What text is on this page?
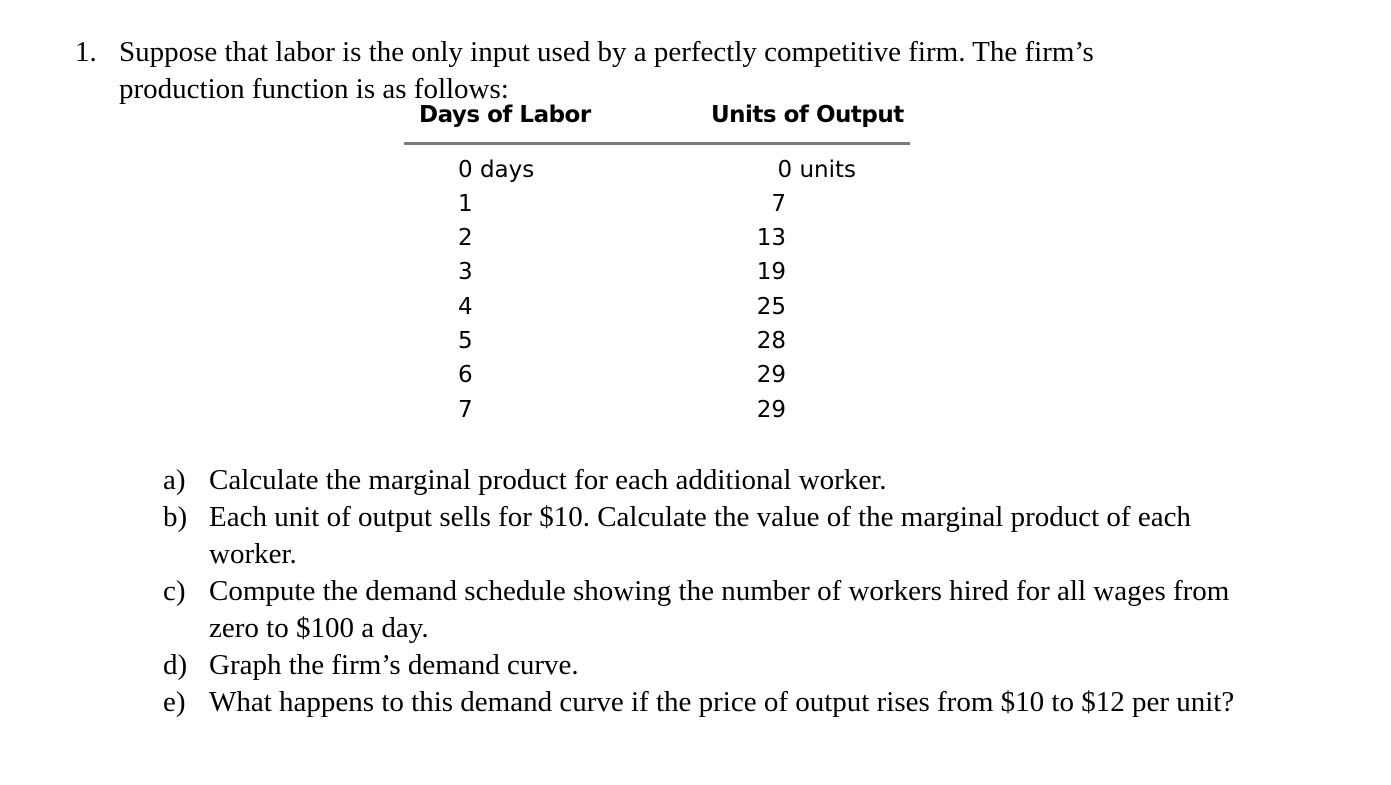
1. Suppose that labor is the only input used by a perfectly competitive firm. The firm’s production function is as follows:
Days of Labor	Units of Output
0 days	0 units
1	7
2	13
3	19
4	25
5	28
6	29
7	29
a) Calculate the marginal product for each additional worker.
b) Each unit of output sells for $10. Calculate the value of the marginal product of each worker.
c) Compute the demand schedule showing the number of workers hired for all wages from zero to $100 a day.
d) Graph the firm’s demand curve.
e) What happens to this demand curve if the price of output rises from $10 to $12 per unit?
